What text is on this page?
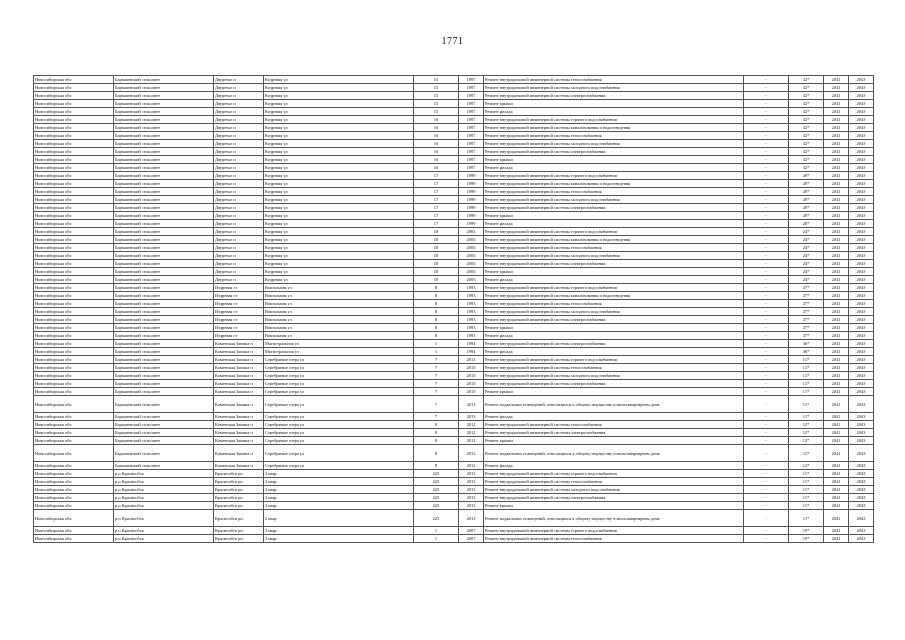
1771
Новосибирская обл.	Барышевский сельсовет	Двуречье п	Кедровая ул	15	1997	Ремонт внутридомовой инженерной системы теплоснабжения	-	32*	2041	2043
Новосибирская обл.	Барышевский сельсовет	Двуречье п	Кедровая ул	15	1997	Ремонт внутридомовой инженерной системы холодного водоснабжения	-	32*	2041	2043
Новосибирская обл.	Барышевский сельсовет	Двуречье п	Кедровая ул	15	1997	Ремонт внутридомовой инженерной системы электроснабжения	-	32*	2041	2043
Новосибирская обл.	Барышевский сельсовет	Двуречье п	Кедровая ул	15	1997	Ремонт крыши	-	32*	2041	2043
Новосибирская обл.	Барышевский сельсовет	Двуречье п	Кедровая ул	15	1997	Ремонт фасада	-	32*	2041	2043
Новосибирская обл.	Барышевский сельсовет	Двуречье п	Кедровая ул	16	1997	Ремонт внутридомовой инженерной системы горячего водоснабжения	-	32*	2041	2043
Новосибирская обл.	Барышевский сельсовет	Двуречье п	Кедровая ул	16	1997	Ремонт внутридомовой инженерной системы канализования и водоотведения	-	32*	2041	2043
Новосибирская обл.	Барышевский сельсовет	Двуречье п	Кедровая ул	16	1997	Ремонт внутридомовой инженерной системы теплоснабжения	-	32*	2041	2043
Новосибирская обл.	Барышевский сельсовет	Двуречье п	Кедровая ул	16	1997	Ремонт внутридомовой инженерной системы холодного водоснабжения	-	32*	2041	2043
Новосибирская обл.	Барышевский сельсовет	Двуречье п	Кедровая ул	16	1997	Ремонт внутридомовой инженерной системы электроснабжения	-	32*	2041	2043
Новосибирская обл.	Барышевский сельсовет	Двуречье п	Кедровая ул	16	1997	Ремонт крыши	-	32*	2041	2043
Новосибирская обл.	Барышевский сельсовет	Двуречье п	Кедровая ул	16	1997	Ремонт фасада	-	32*	2041	2043
Новосибирская обл.	Барышевский сельсовет	Двуречье п	Кедровая ул	17	1999	Ремонт внутридомовой инженерной системы горячего водоснабжения	-	28*	2041	2043
Новосибирская обл.	Барышевский сельсовет	Двуречье п	Кедровая ул	17	1999	Ремонт внутридомовой инженерной системы канализования и водоотведения	-	28*	2041	2043
Новосибирская обл.	Барышевский сельсовет	Двуречье п	Кедровая ул	17	1999	Ремонт внутридомовой инженерной системы теплоснабжения	-	28*	2041	2043
Новосибирская обл.	Барышевский сельсовет	Двуречье п	Кедровая ул	17	1999	Ремонт внутридомовой инженерной системы холодного водоснабжения	-	28*	2041	2043
Новосибирская обл.	Барышевский сельсовет	Двуречье п	Кедровая ул	17	1999	Ремонт внутридомовой инженерной системы электроснабжения	-	28*	2041	2043
Новосибирская обл.	Барышевский сельсовет	Двуречье п	Кедровая ул	17	1999	Ремонт крыши	-	28*	2041	2043
Новосибирская обл.	Барышевский сельсовет	Двуречье п	Кедровая ул	17	1999	Ремонт фасада	-	28*	2041	2043
Новосибирская обл.	Барышевский сельсовет	Двуречье п	Кедровая ул	18	2003	Ремонт внутридомовой инженерной системы горячего водоснабжения	-	24*	2041	2043
Новосибирская обл.	Барышевский сельсовет	Двуречье п	Кедровая ул	18	2003	Ремонт внутридомовой инженерной системы канализования и водоотведения	-	24*	2041	2043
Новосибирская обл.	Барышевский сельсовет	Двуречье п	Кедровая ул	18	2003	Ремонт внутридомовой инженерной системы теплоснабжения	-	24*	2041	2043
Новосибирская обл.	Барышевский сельсовет	Двуречье п	Кедровая ул	18	2003	Ремонт внутридомовой инженерной системы холодного водоснабжения	-	24*	2041	2043
Новосибирская обл.	Барышевский сельсовет	Двуречье п	Кедровая ул	18	2003	Ремонт внутридомовой инженерной системы электроснабжения	-	24*	2041	2043
Новосибирская обл.	Барышевский сельсовет	Двуречье п	Кедровая ул	18	2003	Ремонт крыши	-	24*	2041	2043
Новосибирская обл.	Барышевский сельсовет	Двуречье п	Кедровая ул	18	2003	Ремонт фасада	-	24*	2041	2043
Новосибирская обл.	Барышевский сельсовет	Издревая ст	Вокзальная ул	8	1993	Ремонт внутридомовой инженерной системы горячего водоснабжения	-	37*	2041	2043
Новосибирская обл.	Барышевский сельсовет	Издревая ст	Вокзальная ул	8	1993	Ремонт внутридомовой инженерной системы канализования и водоотведения	-	37*	2041	2043
Новосибирская обл.	Барышевский сельсовет	Издревая ст	Вокзальная ул	8	1993	Ремонт внутридомовой инженерной системы теплоснабжения	-	37*	2041	2043
Новосибирская обл.	Барышевский сельсовет	Издревая ст	Вокзальная ул	8	1993	Ремонт внутридомовой инженерной системы холодного водоснабжения	-	37*	2041	2043
Новосибирская обл.	Барышевский сельсовет	Издревая ст	Вокзальная ул	8	1993	Ремонт внутридомовой инженерной системы электроснабжения	-	37*	2041	2043
Новосибирская обл.	Барышевский сельсовет	Издревая ст	Вокзальная ул	8	1993	Ремонт крыши	-	37*	2041	2043
Новосибирская обл.	Барышевский сельсовет	Издревая ст	Вокзальная ул	8	1993	Ремонт фасада	-	37*	2041	2043
Новосибирская обл.	Барышевский сельсовет	Каменская Заимка п	Магистральная ул	1	1994	Ремонт внутридомовой инженерной системы электроснабжения	-	36*	2041	2043
Новосибирская обл.	Барышевский сельсовет	Каменская Заимка п	Магистральная ул	1	1994	Ремонт фасада	-	36*	2041	2043
Новосибирская обл.	Барышевский сельсовет	Каменская Заимка п	Серебряные озера ул	7	2013	Ремонт внутридомовой инженерной системы горячего водоснабжения	-	11*	2041	2043
Новосибирская обл.	Барышевский сельсовет	Каменская Заимка п	Серебряные озера ул	7	2013	Ремонт внутридомовой инженерной системы теплоснабжения	-	11*	2041	2043
Новосибирская обл.	Барышевский сельсовет	Каменская Заимка п	Серебряные озера ул	7	2013	Ремонт внутридомовой инженерной системы холодного водоснабжения	-	11*	2041	2043
Новосибирская обл.	Барышевский сельсовет	Каменская Заимка п	Серебряные озера ул	7	2013	Ремонт внутридомовой инженерной системы электроснабжения	-	11*	2041	2043
Новосибирская обл.	Барышевский сельсовет	Каменская Заимка п	Серебряные озера ул	7	2013	Ремонт крыши	-	11*	2041	2043
Новосибирская обл.	Барышевский сельсовет	Каменская Заимка п	Серебряные озера ул	7	2013	Ремонт подвальных помещений, относящихся к общему имуществу в многоквартирном доме	-	11*	2041	2043
Новосибирская обл.	Барышевский сельсовет	Каменская Заимка п	Серебряные озера ул	7	2013	Ремонт фасада	-	11*	2041	2043
Новосибирская обл.	Барышевский сельсовет	Каменская Заимка п	Серебряные озера ул	8	2012	Ремонт внутридомовой инженерной системы теплоснабжения	-	12*	2041	2043
Новосибирская обл.	Барышевский сельсовет	Каменская Заимка п	Серебряные озера ул	8	2012	Ремонт внутридомовой инженерной системы электроснабжения	-	12*	2041	2043
Новосибирская обл.	Барышевский сельсовет	Каменская Заимка п	Серебряные озера ул	8	2012	Ремонт крыши	-	12*	2041	2043
Новосибирская обл.	Барышевский сельсовет	Каменская Заимка п	Серебряные озера ул	8	2012	Ремонт подвальных помещений, относящихся к общему имуществу в многоквартирном доме	-	12*	2041	2043
Новосибирская обл.	Барышевский сельсовет	Каменская Заимка п	Серебряные озера ул	8	2012	Ремонт фасада	-	12*	2041	2043
Новосибирская обл.	р.п Краснообск	Краснообск рп	2 квар	225	2013	Ремонт внутридомовой инженерной системы горячего водоснабжения	-	11*	2041	2043
Новосибирская обл.	р.п Краснообск	Краснообск рп	2 квар	225	2013	Ремонт внутридомовой инженерной системы теплоснабжения	-	11*	2041	2043
Новосибирская обл.	р.п Краснообск	Краснообск рп	2 квар	225	2013	Ремонт внутридомовой инженерной системы холодного водоснабжения	-	11*	2041	2043
Новосибирская обл.	р.п Краснообск	Краснообск рп	2 квар	225	2013	Ремонт внутридомовой инженерной системы электроснабжения	-	11*	2041	2043
Новосибирская обл.	р.п Краснообск	Краснообск рп	2 квар	225	2013	Ремонт крыши	-	11*	2041	2043
Новосибирская обл.	р.п Краснообск	Краснообск рп	2 квар	225	2013	Ремонт подвальных помещений, относящихся к общему имуществу в многоквартирном доме	-	11*	2041	2043
Новосибирская обл.	р.п Краснообск	Краснообск рп	3 квар	1	2007	Ремонт внутридомовой инженерной системы горячего водоснабжения	-	19*	2041	2043
Новосибирская обл.	р.п Краснообск	Краснообск рп	3 квар	1	2007	Ремонт внутридомовой инженерной системы теплоснабжения	-	19*	2041	2043
